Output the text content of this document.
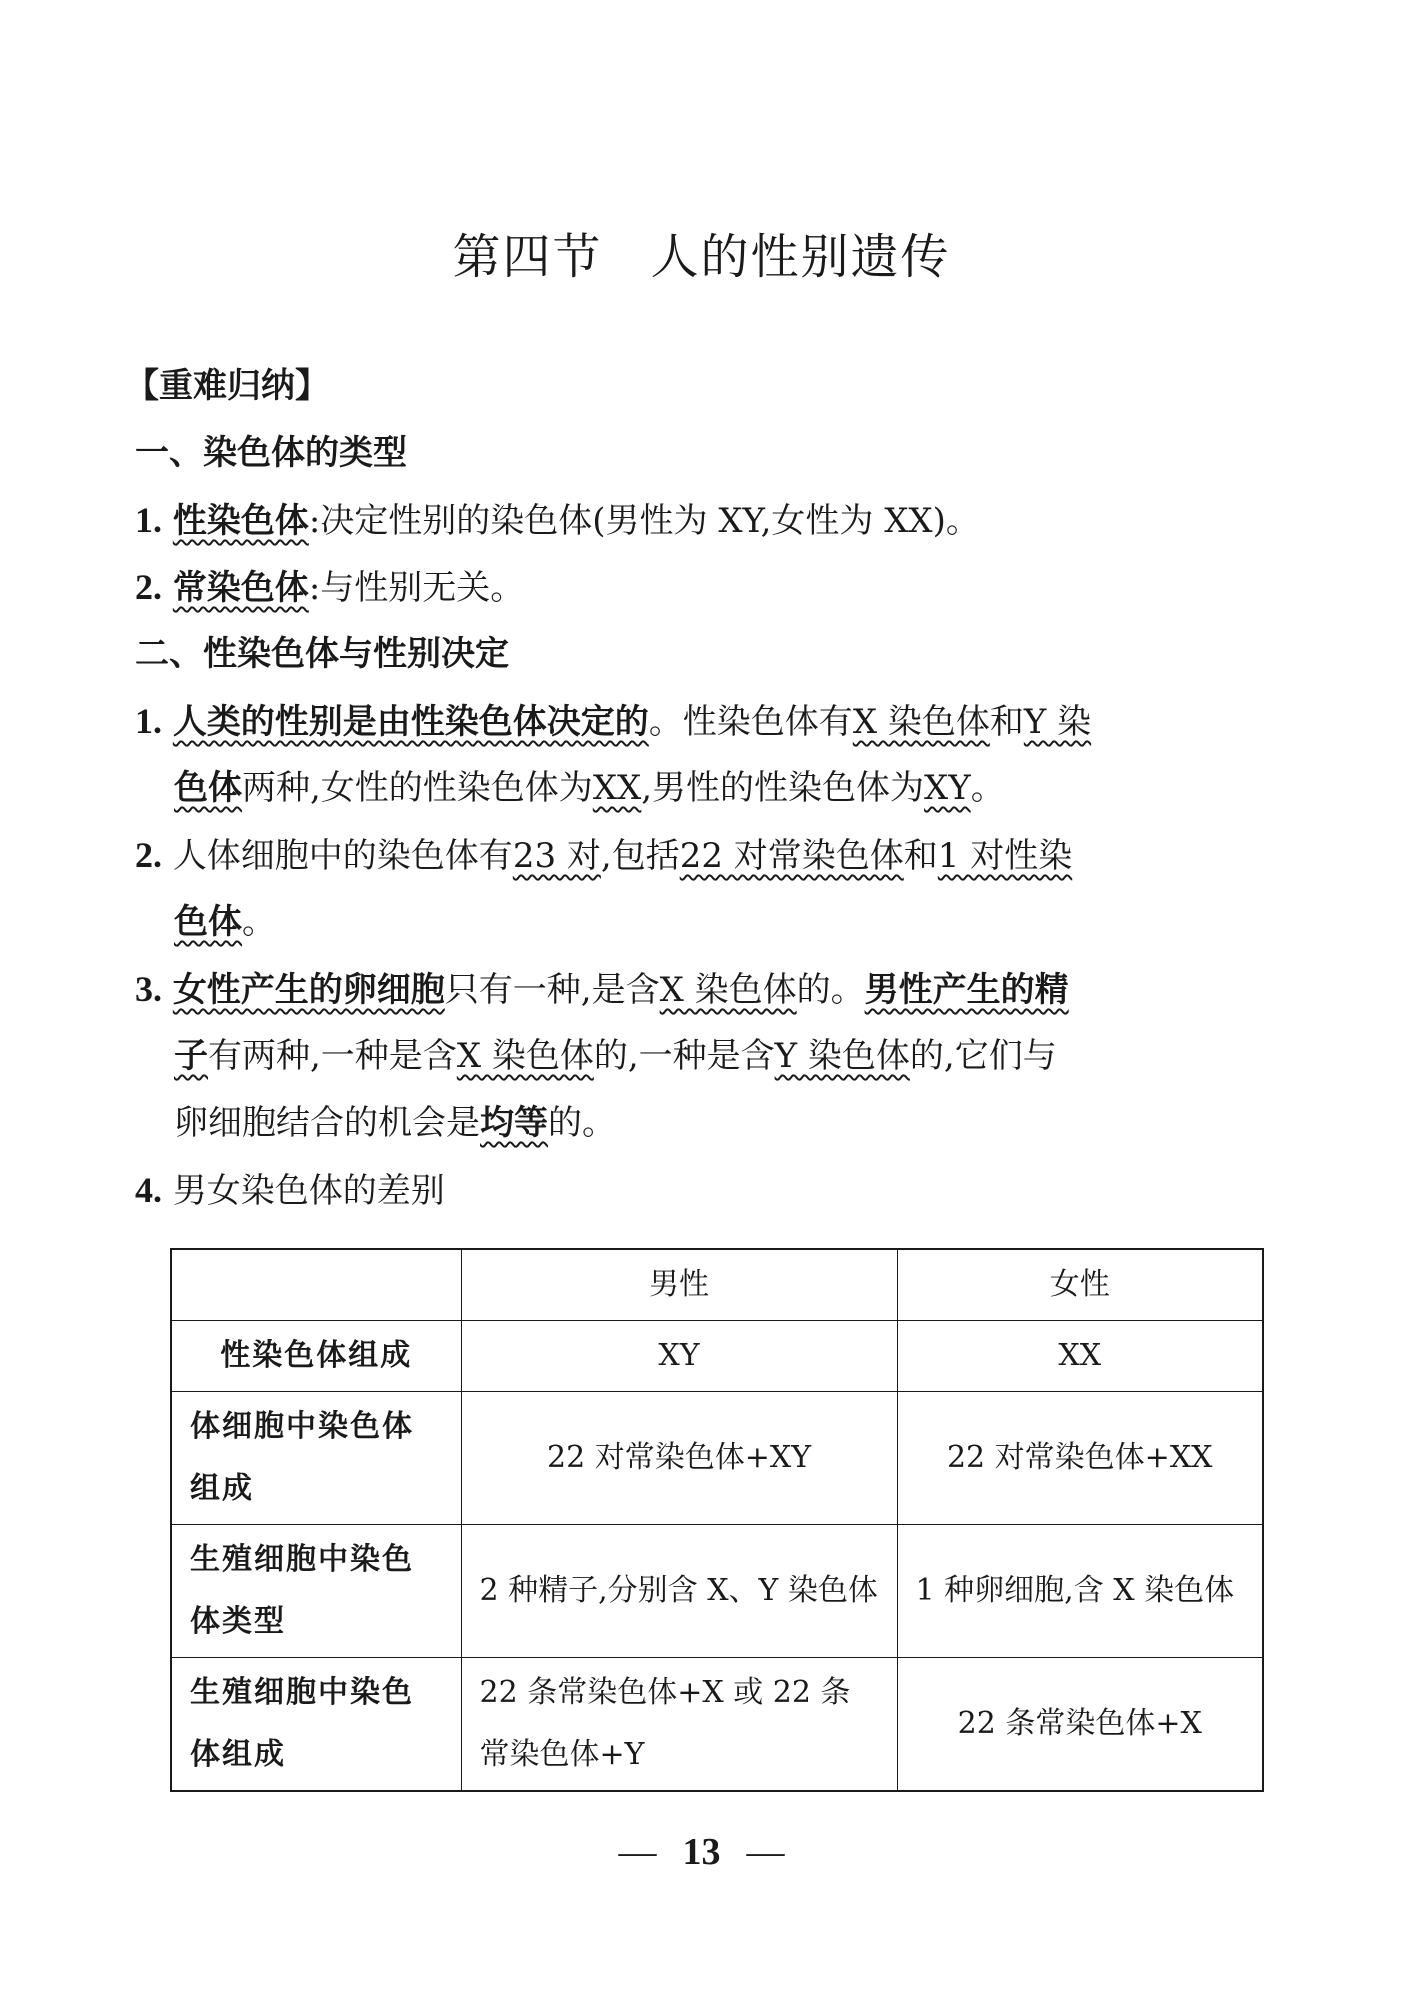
第四节 人的性别遗传
【重难归纳】
一、染色体的类型
1. 性染色体:决定性别的染色体(男性为 XY,女性为 XX)。
2. 常染色体:与性别无关。
二、性染色体与性别决定
1. 人类的性别是由性染色体决定的。性染色体有X 染色体和Y 染
色体两种,女性的性染色体为XX,男性的性染色体为XY。
2. 人体细胞中的染色体有23 对,包括22 对常染色体和1 对性染
色体。
3. 女性产生的卵细胞只有一种,是含X 染色体的。男性产生的精
子有两种,一种是含X 染色体的,一种是含Y 染色体的,它们与
卵细胞结合的机会是均等的。
4. 男女染色体的差别
	男性	女性
性染色体组成	XY	XX
体细胞中染色体组成	22 对常染色体+XY	22 对常染色体+XX
生殖细胞中染色体类型	2 种精子,分别含 X、Y 染色体	1 种卵细胞,含 X 染色体
生殖细胞中染色体组成	22 条常染色体+X 或 22 条常染色体+Y	22 条常染色体+X
— 13 —
